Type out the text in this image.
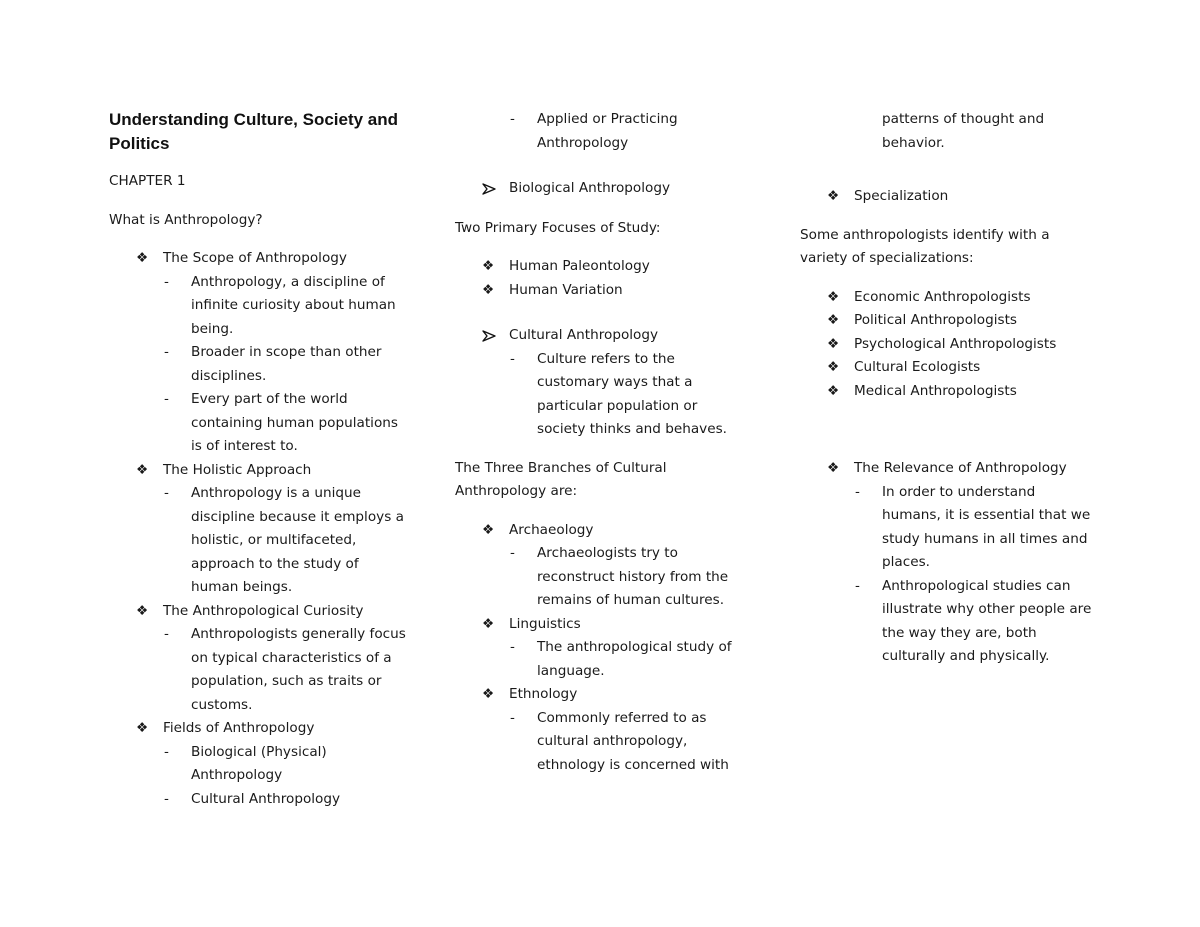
Understanding Culture, Society and Politics

CHAPTER 1

What is Anthropology?

❖	The Scope of Anthropology
-	Anthropology, a discipline of infinite curiosity about human being.
-	Broader in scope than other disciplines.
-	Every part of the world containing human populations is of interest to.
❖	The Holistic Approach
-	Anthropology is a unique discipline because it employs a holistic, or multifaceted, approach to the study of human beings.
❖	The Anthropological Curiosity
-	Anthropologists generally focus on typical characteristics of a population, such as traits or customs.
❖	Fields of Anthropology
-	Biological (Physical) Anthropology
-	Cultural Anthropology
-	Applied or Practicing Anthropology
Biological Anthropology

Two Primary Focuses of Study:

❖	Human Paleontology
❖	Human Variation
Cultural Anthropology
-	Culture refers to the customary ways that a particular population or society thinks and behaves.

The Three Branches of Cultural Anthropology are:

❖	Archaeology
-	Archaeologists try to reconstruct history from the remains of human cultures.
❖	Linguistics
-	The anthropological study of language.
❖	Ethnology
-	Commonly referred to as cultural anthropology, ethnology is concerned with

patterns of thought and behavior.

❖	Specialization

Some anthropologists identify with a variety of specializations:

❖	Economic Anthropologists
❖	Political Anthropologists
❖	Psychological Anthropologists
❖	Cultural Ecologists
❖	Medical Anthropologists
❖	The Relevance of Anthropology
-	In order to understand humans, it is essential that we study humans in all times and places.
-	Anthropological studies can illustrate why other people are the way they are, both culturally and physically.
